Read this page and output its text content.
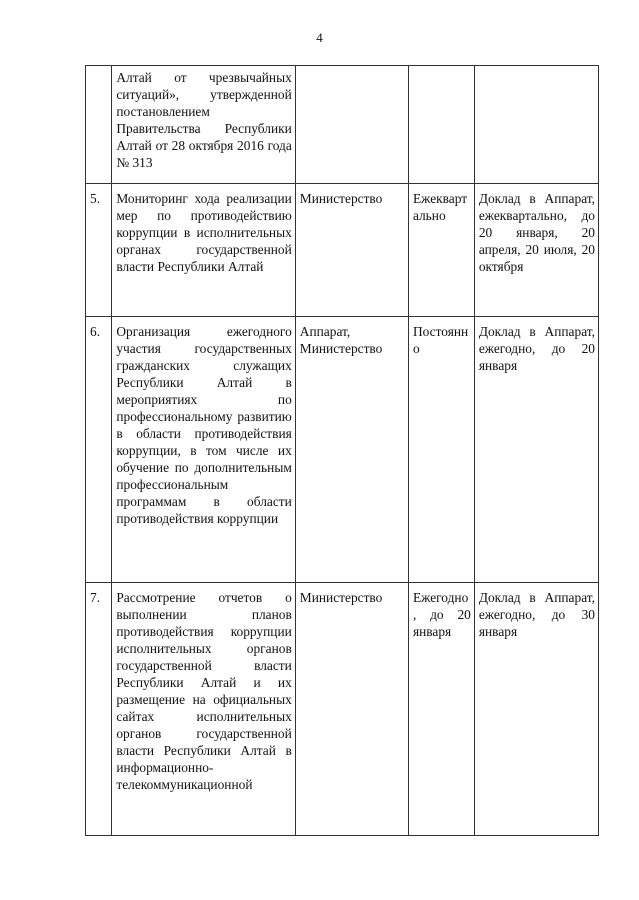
4
	Алтай от чрезвычайных ситуаций», утвержденной постановлением Правительства Республики Алтай от 28 октября 2016 года № 313			
5.	Мониторинг хода реализации мер по противодействию коррупции в исполнительных органах государственной власти Республики Алтай	Министерство	Ежекварт ально	Доклад в Аппарат, ежеквартально, до 20 января, 20 апреля, 20 июля, 20 октября
6.	Организация ежегодного участия государственных гражданских служащих Республики Алтай в мероприятиях по профессиональному развитию в области противодействия коррупции, в том числе их обучение по дополнительным профессиональным программам в области противодействия коррупции	Аппарат, Министерство	Постоянн о	Доклад в Аппарат, ежегодно, до 20 января
7.	Рассмотрение отчетов о выполнении планов противодействия коррупции исполнительных органов государственной власти Республики Алтай и их размещение на официальных сайтах исполнительных органов государственной власти Республики Алтай в информационно-телекоммуникационной	Министерство	Ежегодно , до 20 января	Доклад в Аппарат, ежегодно, до 30 января
